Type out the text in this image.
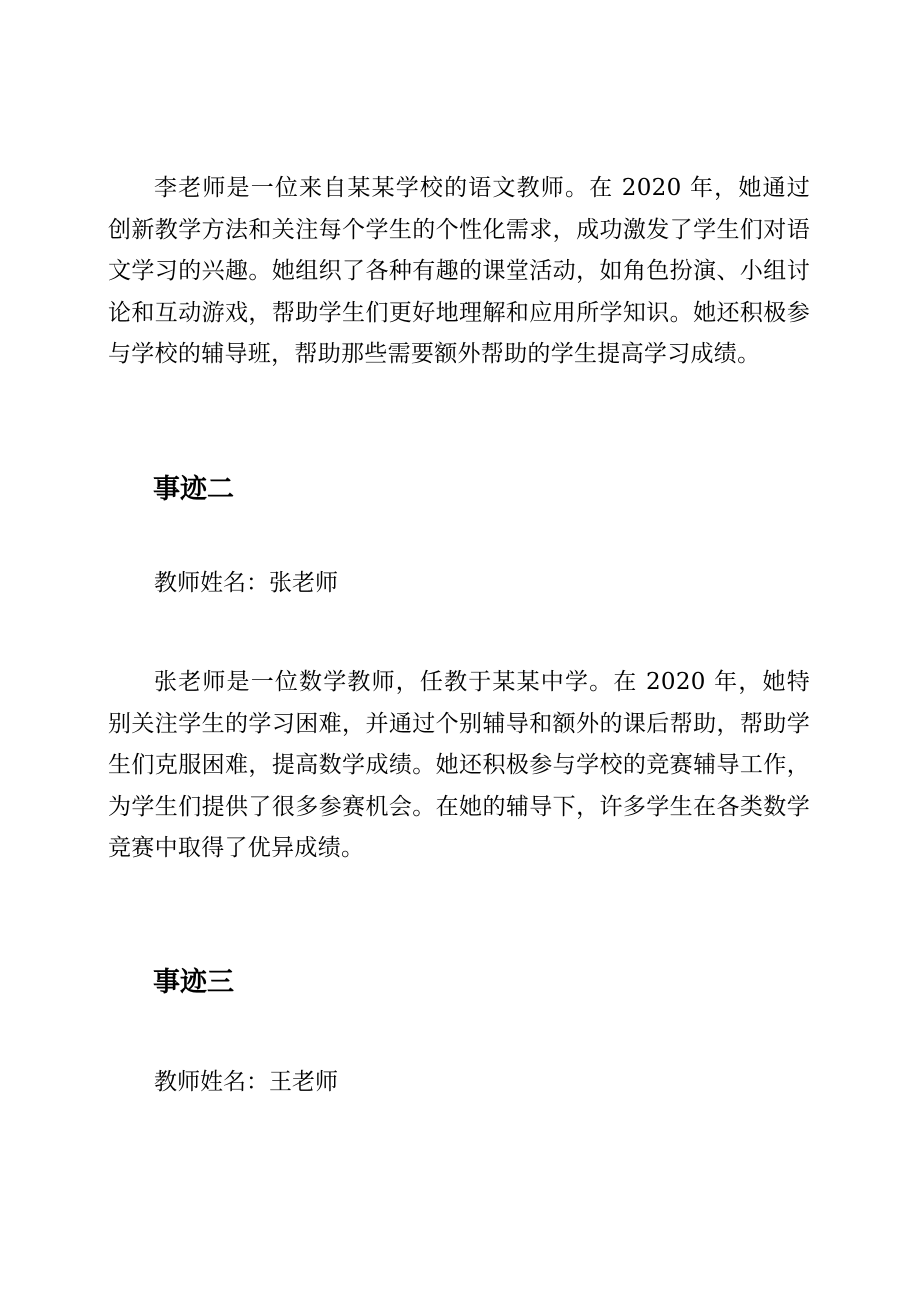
李老师是一位来自某某学校的语文教师。在 2020 年，她通过创新教学方法和关注每个学生的个性化需求，成功激发了学生们对语文学习的兴趣。她组织了各种有趣的课堂活动，如角色扮演、小组讨论和互动游戏，帮助学生们更好地理解和应用所学知识。她还积极参与学校的辅导班，帮助那些需要额外帮助的学生提高学习成绩。

事迹二

教师姓名：张老师

张老师是一位数学教师，任教于某某中学。在 2020 年，她特别关注学生的学习困难，并通过个别辅导和额外的课后帮助，帮助学生们克服困难，提高数学成绩。她还积极参与学校的竞赛辅导工作，为学生们提供了很多参赛机会。在她的辅导下，许多学生在各类数学竞赛中取得了优异成绩。

事迹三

教师姓名：王老师
